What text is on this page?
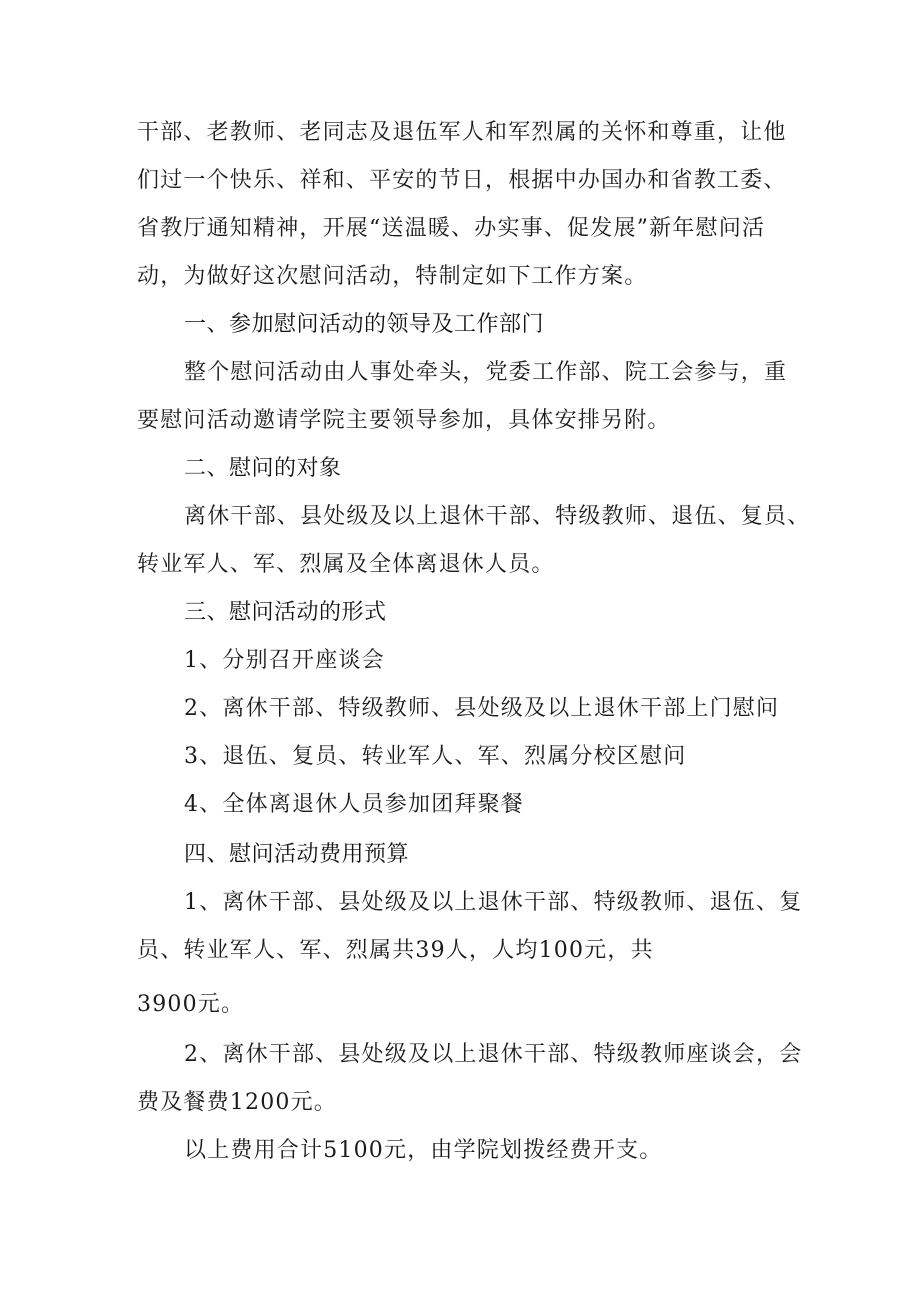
干部、老教师、老同志及退伍军人和军烈属的关怀和尊重，让他
们过一个快乐、祥和、平安的节日，根据中办国办和省教工委、
省教厅通知精神，开展“送温暖、办实事、促发展”新年慰问活
动，为做好这次慰问活动，特制定如下工作方案。
一、参加慰问活动的领导及工作部门
整个慰问活动由人事处牵头，党委工作部、院工会参与，重
要慰问活动邀请学院主要领导参加，具体安排另附。
二、慰问的对象
离休干部、县处级及以上退休干部、特级教师、退伍、复员、
转业军人、军、烈属及全体离退休人员。
三、慰问活动的形式
1、分别召开座谈会
2、离休干部、特级教师、县处级及以上退休干部上门慰问
3、退伍、复员、转业军人、军、烈属分校区慰问
4、全体离退休人员参加团拜聚餐
四、慰问活动费用预算
1、离休干部、县处级及以上退休干部、特级教师、退伍、复
员、转业军人、军、烈属共39人，人均100元，共
3900元。
2、离休干部、县处级及以上退休干部、特级教师座谈会，会
费及餐费1200元。
以上费用合计5100元，由学院划拨经费开支。
